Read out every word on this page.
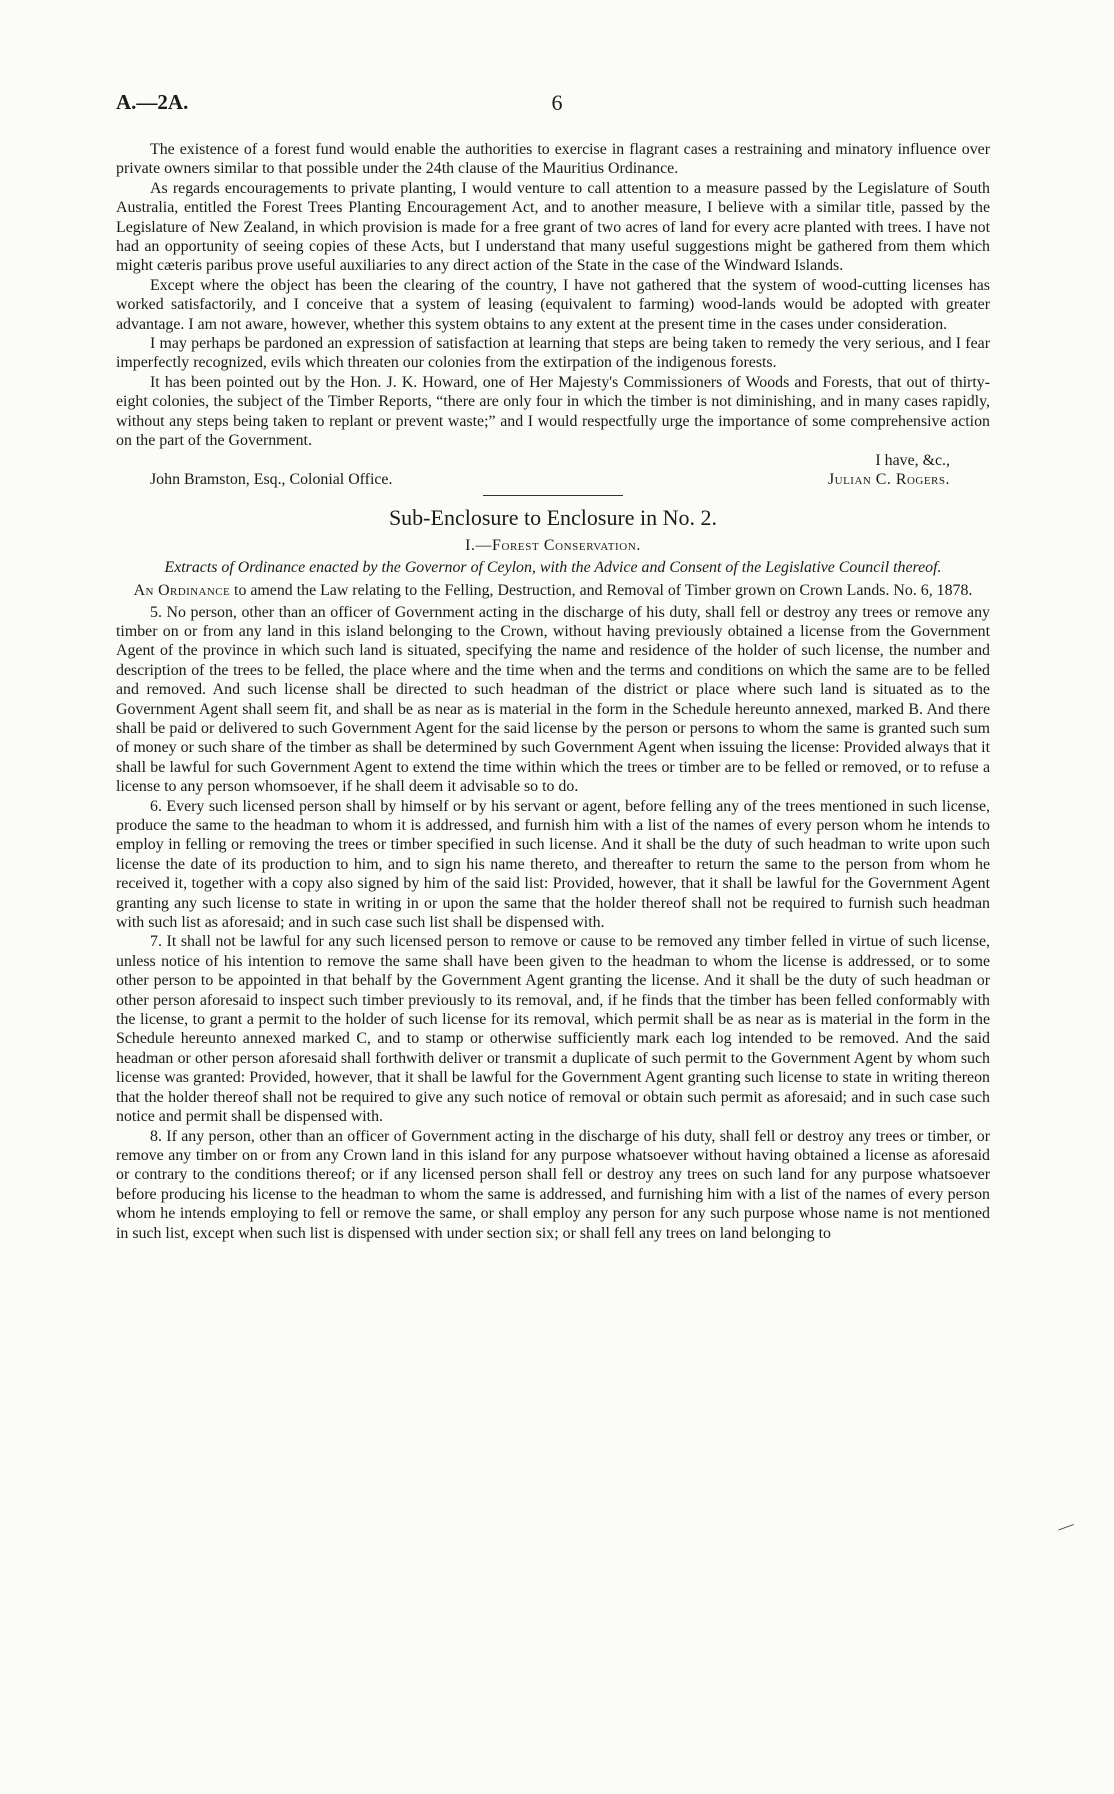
A.—2A.	6

The existence of a forest fund would enable the authorities to exercise in flagrant cases a restraining and minatory influence over private owners similar to that possible under the 24th clause of the Mauritius Ordinance.

As regards encouragements to private planting, I would venture to call attention to a measure passed by the Legislature of South Australia, entitled the Forest Trees Planting Encouragement Act, and to another measure, I believe with a similar title, passed by the Legislature of New Zealand, in which provision is made for a free grant of two acres of land for every acre planted with trees. I have not had an opportunity of seeing copies of these Acts, but I understand that many useful suggestions might be gathered from them which might cæteris paribus prove useful auxiliaries to any direct action of the State in the case of the Windward Islands.

Except where the object has been the clearing of the country, I have not gathered that the system of wood-cutting licenses has worked satisfactorily, and I conceive that a system of leasing (equivalent to farming) wood-lands would be adopted with greater advantage. I am not aware, however, whether this system obtains to any extent at the present time in the cases under consideration.

I may perhaps be pardoned an expression of satisfaction at learning that steps are being taken to remedy the very serious, and I fear imperfectly recognized, evils which threaten our colonies from the extirpation of the indigenous forests.

It has been pointed out by the Hon. J. K. Howard, one of Her Majesty's Commissioners of Woods and Forests, that out of thirty-eight colonies, the subject of the Timber Reports, “there are only four in which the timber is not diminishing, and in many cases rapidly, without any steps being taken to replant or prevent waste;” and I would respectfully urge the importance of some comprehensive action on the part of the Government.

I have, &c.,
John Bramston, Esq., Colonial Office.	Julian C. Rogers.
Sub-Enclosure to Enclosure in No. 2.
I.—Forest Conservation.
Extracts of Ordinance enacted by the Governor of Ceylon, with the Advice and Consent of the Legislative Council thereof.
An Ordinance to amend the Law relating to the Felling, Destruction, and Removal of Timber grown on Crown Lands. No. 6, 1878.

5. No person, other than an officer of Government acting in the discharge of his duty, shall fell or destroy any trees or remove any timber on or from any land in this island belonging to the Crown, without having previously obtained a license from the Government Agent of the province in which such land is situated, specifying the name and residence of the holder of such license, the number and description of the trees to be felled, the place where and the time when and the terms and conditions on which the same are to be felled and removed. And such license shall be directed to such headman of the district or place where such land is situated as to the Government Agent shall seem fit, and shall be as near as is material in the form in the Schedule hereunto annexed, marked B. And there shall be paid or delivered to such Government Agent for the said license by the person or persons to whom the same is granted such sum of money or such share of the timber as shall be determined by such Government Agent when issuing the license: Provided always that it shall be lawful for such Government Agent to extend the time within which the trees or timber are to be felled or removed, or to refuse a license to any person whomsoever, if he shall deem it advisable so to do.

6. Every such licensed person shall by himself or by his servant or agent, before felling any of the trees mentioned in such license, produce the same to the headman to whom it is addressed, and furnish him with a list of the names of every person whom he intends to employ in felling or removing the trees or timber specified in such license. And it shall be the duty of such headman to write upon such license the date of its production to him, and to sign his name thereto, and thereafter to return the same to the person from whom he received it, together with a copy also signed by him of the said list: Provided, however, that it shall be lawful for the Government Agent granting any such license to state in writing in or upon the same that the holder thereof shall not be required to furnish such headman with such list as aforesaid; and in such case such list shall be dispensed with.

7. It shall not be lawful for any such licensed person to remove or cause to be removed any timber felled in virtue of such license, unless notice of his intention to remove the same shall have been given to the headman to whom the license is addressed, or to some other person to be appointed in that behalf by the Government Agent granting the license. And it shall be the duty of such headman or other person aforesaid to inspect such timber previously to its removal, and, if he finds that the timber has been felled conformably with the license, to grant a permit to the holder of such license for its removal, which permit shall be as near as is material in the form in the Schedule hereunto annexed marked C, and to stamp or otherwise sufficiently mark each log intended to be removed. And the said headman or other person aforesaid shall forthwith deliver or transmit a duplicate of such permit to the Government Agent by whom such license was granted: Provided, however, that it shall be lawful for the Government Agent granting such license to state in writing thereon that the holder thereof shall not be required to give any such notice of removal or obtain such permit as aforesaid; and in such case such notice and permit shall be dispensed with.

8. If any person, other than an officer of Government acting in the discharge of his duty, shall fell or destroy any trees or timber, or remove any timber on or from any Crown land in this island for any purpose whatsoever without having obtained a license as aforesaid or contrary to the conditions thereof; or if any licensed person shall fell or destroy any trees on such land for any purpose whatsoever before producing his license to the headman to whom the same is addressed, and furnishing him with a list of the names of every person whom he intends employing to fell or remove the same, or shall employ any person for any such purpose whose name is not mentioned in such list, except when such list is dispensed with under section six; or shall fell any trees on land belonging to

—
